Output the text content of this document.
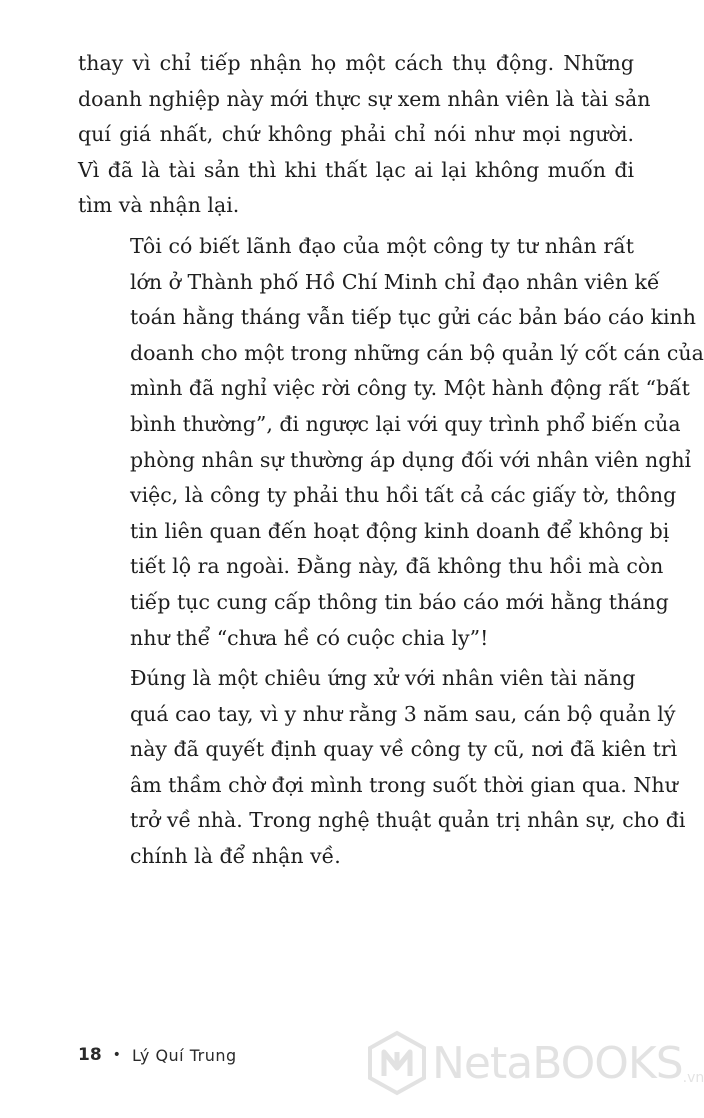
thay vì chỉ tiếp nhận họ một cách thụ động. Những
doanh nghiệp này mới thực sự xem nhân viên là tài sản
quí giá nhất, chứ không phải chỉ nói như mọi người.
Vì đã là tài sản thì khi thất lạc ai lại không muốn đi
tìm và nhận lại.
Tôi có biết lãnh đạo của một công ty tư nhân rất
lớn ở Thành phố Hồ Chí Minh chỉ đạo nhân viên kế
toán hằng tháng vẫn tiếp tục gửi các bản báo cáo kinh
doanh cho một trong những cán bộ quản lý cốt cán của
mình đã nghỉ việc rời công ty. Một hành động rất “bất
bình thường”, đi ngược lại với quy trình phổ biến của
phòng nhân sự thường áp dụng đối với nhân viên nghỉ
việc, là công ty phải thu hồi tất cả các giấy tờ, thông
tin liên quan đến hoạt động kinh doanh để không bị
tiết lộ ra ngoài. Đằng này, đã không thu hồi mà còn
tiếp tục cung cấp thông tin báo cáo mới hằng tháng
như thể “chưa hề có cuộc chia ly”!
Đúng là một chiêu ứng xử với nhân viên tài năng
quá cao tay, vì y như rằng 3 năm sau, cán bộ quản lý
này đã quyết định quay về công ty cũ, nơi đã kiên trì
âm thầm chờ đợi mình trong suốt thời gian qua. Như
trở về nhà. Trong nghệ thuật quản trị nhân sự, cho đi
chính là để nhận về.
18 • Lý Quí Trung	NetaBOOKS .vn
